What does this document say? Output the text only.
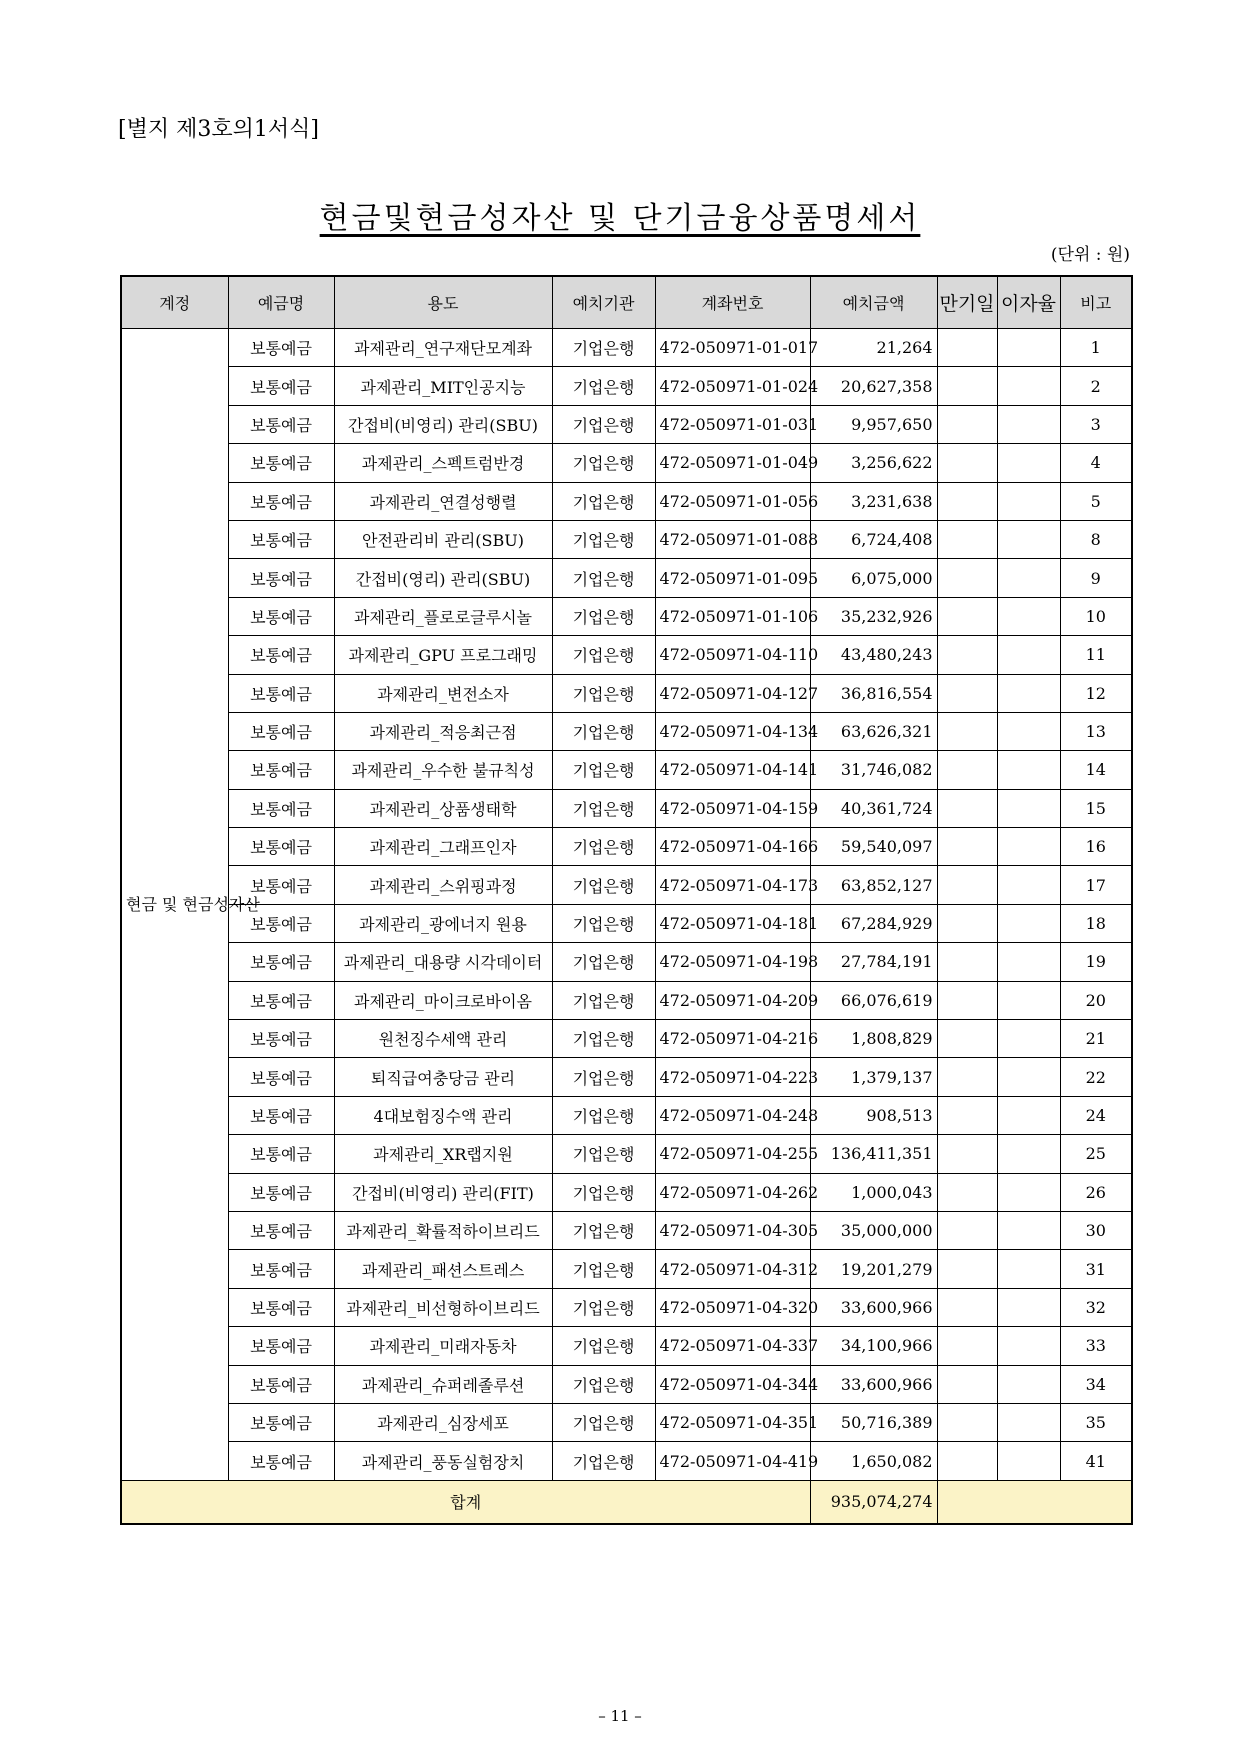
[별지 제3호의1서식]
현금및현금성자산 및 단기금융상품명세서
(단위 : 원)
계정	예금명	용도	예치기관	계좌번호	예치금액	만기일	이자율	비고
현금 및 현금성자산	보통예금	과제관리_연구재단모계좌	기업은행	472-050971-01-017	21,264			1
	보통예금	과제관리_MIT인공지능	기업은행	472-050971-01-024	20,627,358			2
	보통예금	간접비(비영리) 관리(SBU)	기업은행	472-050971-01-031	9,957,650			3
	보통예금	과제관리_스펙트럼반경	기업은행	472-050971-01-049	3,256,622			4
	보통예금	과제관리_연결성행렬	기업은행	472-050971-01-056	3,231,638			5
	보통예금	안전관리비 관리(SBU)	기업은행	472-050971-01-088	6,724,408			8
	보통예금	간접비(영리) 관리(SBU)	기업은행	472-050971-01-095	6,075,000			9
	보통예금	과제관리_플로로글루시놀	기업은행	472-050971-01-106	35,232,926			10
	보통예금	과제관리_GPU 프로그래밍	기업은행	472-050971-04-110	43,480,243			11
	보통예금	과제관리_변전소자	기업은행	472-050971-04-127	36,816,554			12
	보통예금	과제관리_적응최근점	기업은행	472-050971-04-134	63,626,321			13
	보통예금	과제관리_우수한 불규칙성	기업은행	472-050971-04-141	31,746,082			14
	보통예금	과제관리_상품생태학	기업은행	472-050971-04-159	40,361,724			15
	보통예금	과제관리_그래프인자	기업은행	472-050971-04-166	59,540,097			16
	보통예금	과제관리_스위핑과정	기업은행	472-050971-04-173	63,852,127			17
	보통예금	과제관리_광에너지 원용	기업은행	472-050971-04-181	67,284,929			18
	보통예금	과제관리_대용량 시각데이터	기업은행	472-050971-04-198	27,784,191			19
	보통예금	과제관리_마이크로바이옴	기업은행	472-050971-04-209	66,076,619			20
	보통예금	원천징수세액 관리	기업은행	472-050971-04-216	1,808,829			21
	보통예금	퇴직급여충당금 관리	기업은행	472-050971-04-223	1,379,137			22
	보통예금	4대보험징수액 관리	기업은행	472-050971-04-248	908,513			24
	보통예금	과제관리_XR랩지원	기업은행	472-050971-04-255	136,411,351			25
	보통예금	간접비(비영리) 관리(FIT)	기업은행	472-050971-04-262	1,000,043			26
	보통예금	과제관리_확률적하이브리드	기업은행	472-050971-04-305	35,000,000			30
	보통예금	과제관리_패션스트레스	기업은행	472-050971-04-312	19,201,279			31
	보통예금	과제관리_비선형하이브리드	기업은행	472-050971-04-320	33,600,966			32
	보통예금	과제관리_미래자동차	기업은행	472-050971-04-337	34,100,966			33
	보통예금	과제관리_슈퍼레졸루션	기업은행	472-050971-04-344	33,600,966			34
	보통예금	과제관리_심장세포	기업은행	472-050971-04-351	50,716,389			35
	보통예금	과제관리_풍동실험장치	기업은행	472-050971-04-419	1,650,082			41
합계					935,074,274			
– 11 –
